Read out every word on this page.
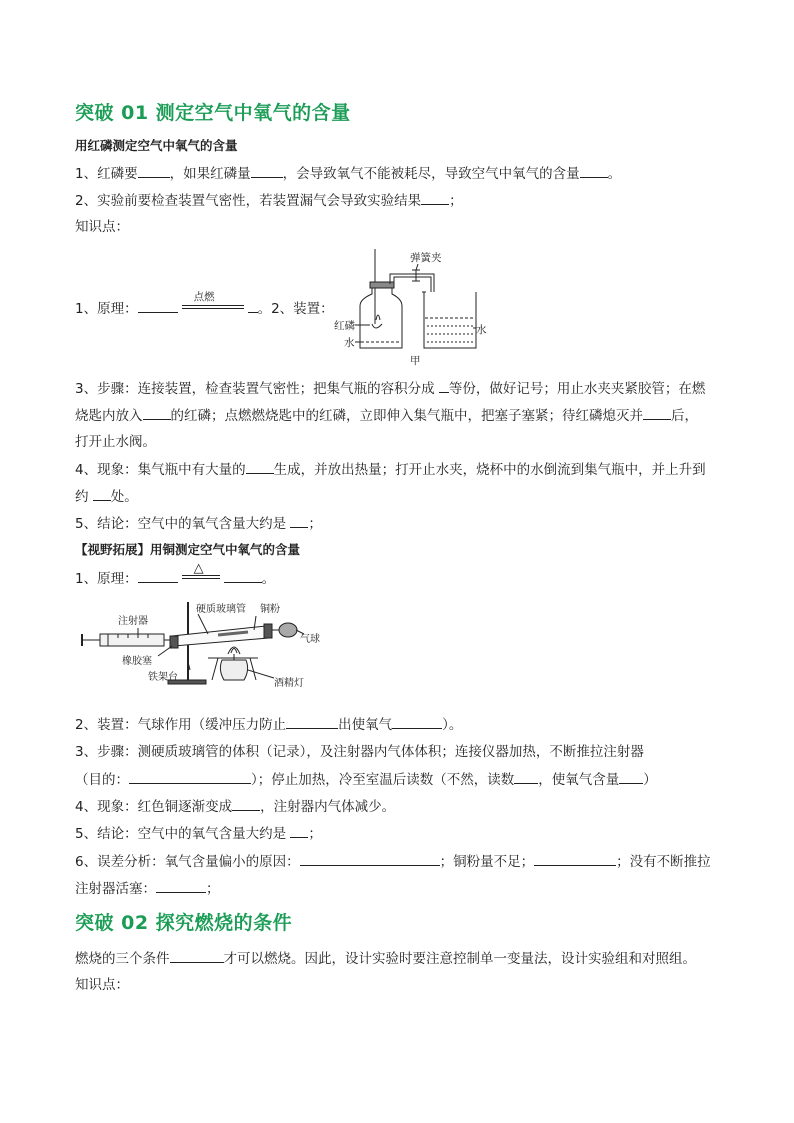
突破 01 测定空气中氧气的含量
用红磷测定空气中氧气的含量
1、红磷要 ，如果红磷量 ，会导致氧气不能被耗尽，导致空气中氧气的含量 。
2、实验前要检查装置气密性，若装置漏气会导致实验结果 ；
知识点：
1、原理：
点燃
。2、装置：
弹簧夹
红磷
水
水
甲
3、步骤：连接装置，检查装置气密性；把集气瓶的容积分成 等份，做好记号；用止水夹夹紧胶管；在燃
烧匙内放入 的红磷；点燃燃烧匙中的红磷，立即伸入集气瓶中，把塞子塞紧；待红磷熄灭并 后，
打开止水阀。
4、现象：集气瓶中有大量的 生成，并放出热量；打开止水夹，烧杯中的水倒流到集气瓶中，并上升到
约 处。
5、结论：空气中的氧气含量大约是 ；
【视野拓展】用铜测定空气中氧气的含量
1、原理：
△
。
注射器
硬质玻璃管 铜粉
气球
橡胶塞
铁架台
酒精灯
2、装置：气球作用（缓冲压力防止	出使氧气	）。
3、步骤：测硬质玻璃管的体积（记录），及注射器内气体体积；连接仪器加热，不断推拉注射器
（目的：	）；停止加热，冷至室温后读数（不然，读数 ，使氧气含量 ）
4、现象：红色铜逐渐变成 ，注射器内气体减少。
5、结论：空气中的氧气含量大约是 ；
6、误差分析：氧气含量偏小的原因：	；铜粉量不足；	；没有不断推拉
注射器活塞：	；
突破 02 探究燃烧的条件
燃烧的三个条件	才可以燃烧。因此，设计实验时要注意控制单一变量法，设计实验组和对照组。
知识点：
